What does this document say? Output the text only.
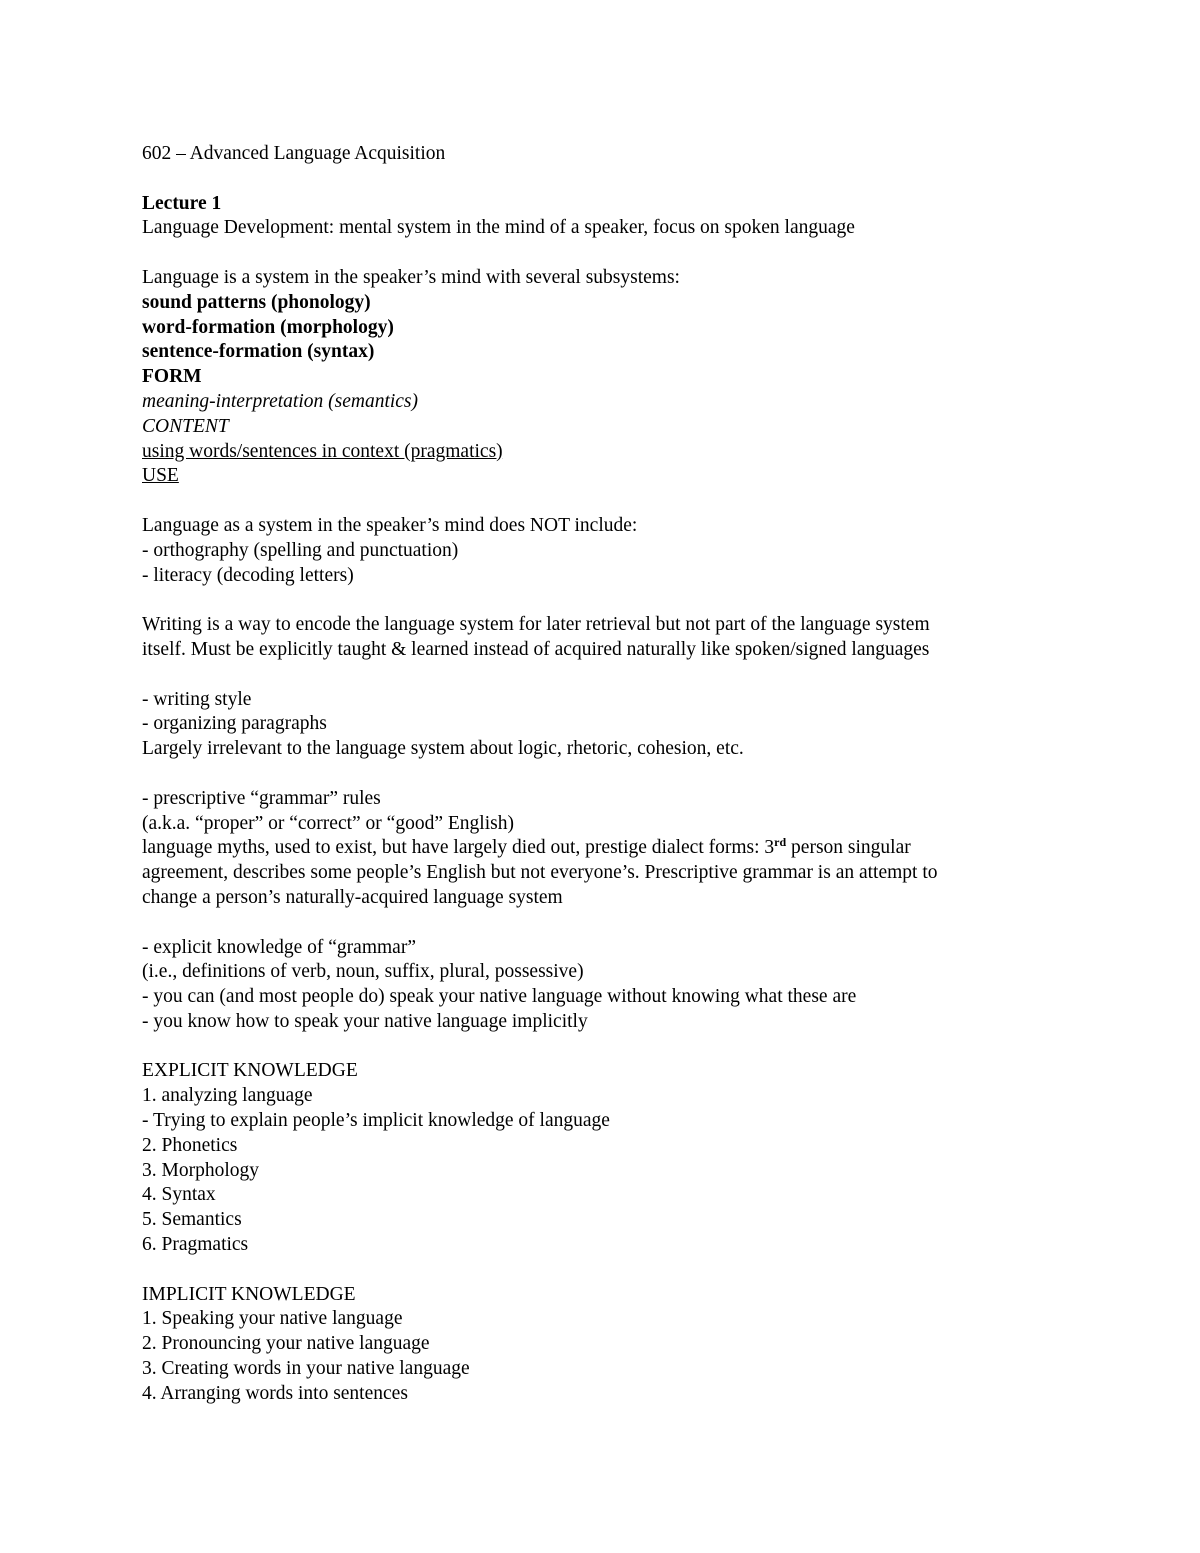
602 – Advanced Language Acquisition
Lecture 1
Language Development: mental system in the mind of a speaker, focus on spoken language
Language is a system in the speaker’s mind with several subsystems:
sound patterns (phonology)
word-formation (morphology)
sentence-formation (syntax)
FORM
meaning-interpretation (semantics)
CONTENT
using words/sentences in context (pragmatics)
USE
Language as a system in the speaker’s mind does NOT include:
- orthography (spelling and punctuation)
- literacy (decoding letters)
Writing is a way to encode the language system for later retrieval but not part of the language system
itself. Must be explicitly taught & learned instead of acquired naturally like spoken/signed languages
- writing style
- organizing paragraphs
Largely irrelevant to the language system about logic, rhetoric, cohesion, etc.
- prescriptive “grammar” rules
(a.k.a. “proper” or “correct” or “good” English)
language myths, used to exist, but have largely died out, prestige dialect forms: 3rd person singular
agreement, describes some people’s English but not everyone’s. Prescriptive grammar is an attempt to
change a person’s naturally-acquired language system
- explicit knowledge of “grammar”
(i.e., definitions of verb, noun, suffix, plural, possessive)
- you can (and most people do) speak your native language without knowing what these are
- you know how to speak your native language implicitly
EXPLICIT KNOWLEDGE
1. analyzing language
- Trying to explain people’s implicit knowledge of language
2. Phonetics
3. Morphology
4. Syntax
5. Semantics
6. Pragmatics
IMPLICIT KNOWLEDGE
1. Speaking your native language
2. Pronouncing your native language
3. Creating words in your native language
4. Arranging words into sentences
